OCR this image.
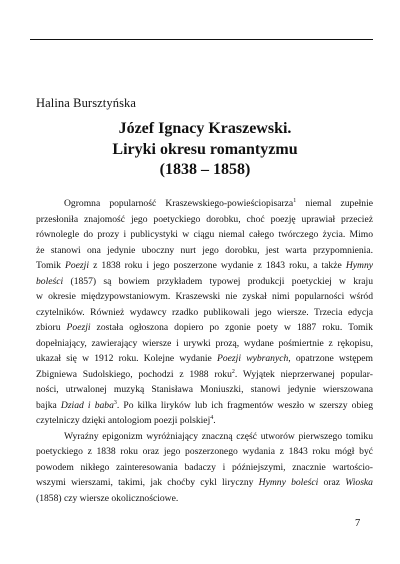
Halina Bursztyńska
Józef Ignacy Kraszewski.
Liryki okresu romantyzmu
(1838 – 1858)

Ogromna popularność Kraszewskiego-powieściopisarza$^1$ niemal zupełnie
przesłoniła znajomość jego poetyckiego dorobku, choć poezję uprawiał przecież
równolegle do prozy i publicystyki w ciągu niemal całego twórczego życia. Mimo
że stanowi ona jedynie uboczny nurt jego dorobku, jest warta przypomnienia.
Tomik Poezji z 1838 roku i jego poszerzone wydanie z 1843 roku, a także Hymny
boleści (1857) są bowiem przykładem typowej produkcji poetyckiej w kraju
w okresie międzypowstaniowym. Kraszewski nie zyskał nimi popularności wśród
czytelników. Również wydawcy rzadko publikowali jego wiersze. Trzecia edycja
zbioru Poezji została ogłoszona dopiero po zgonie poety w 1887 roku. Tomik
dopełniający, zawierający wiersze i urywki prozą, wydane pośmiertnie z rękopisu,
ukazał się w 1912 roku. Kolejne wydanie Poezji wybranych, opatrzone wstępem
Zbigniewa Sudolskiego, pochodzi z 1988 roku$^2$. Wyjątek nieprzerwanej popular-
ności, utrwalonej muzyką Stanisława Moniuszki, stanowi jedynie wierszowana
bajka Dziad i baba$^3$. Po kilka liryków lub ich fragmentów weszło w szerszy obieg
czytelniczy dzięki antologiom poezji polskiej$^4$.

Wyraźny epigonizm wyróżniający znaczną część utworów pierwszego tomiku
poetyckiego z 1838 roku oraz jego poszerzonego wydania z 1843 roku mógł być
powodem nikłego zainteresowania badaczy i późniejszymi, znacznie wartościo-
wszymi wierszami, takimi, jak choćby cykl liryczny Hymny boleści oraz Wioska
(1858) czy wiersze okolicznościowe.

7
